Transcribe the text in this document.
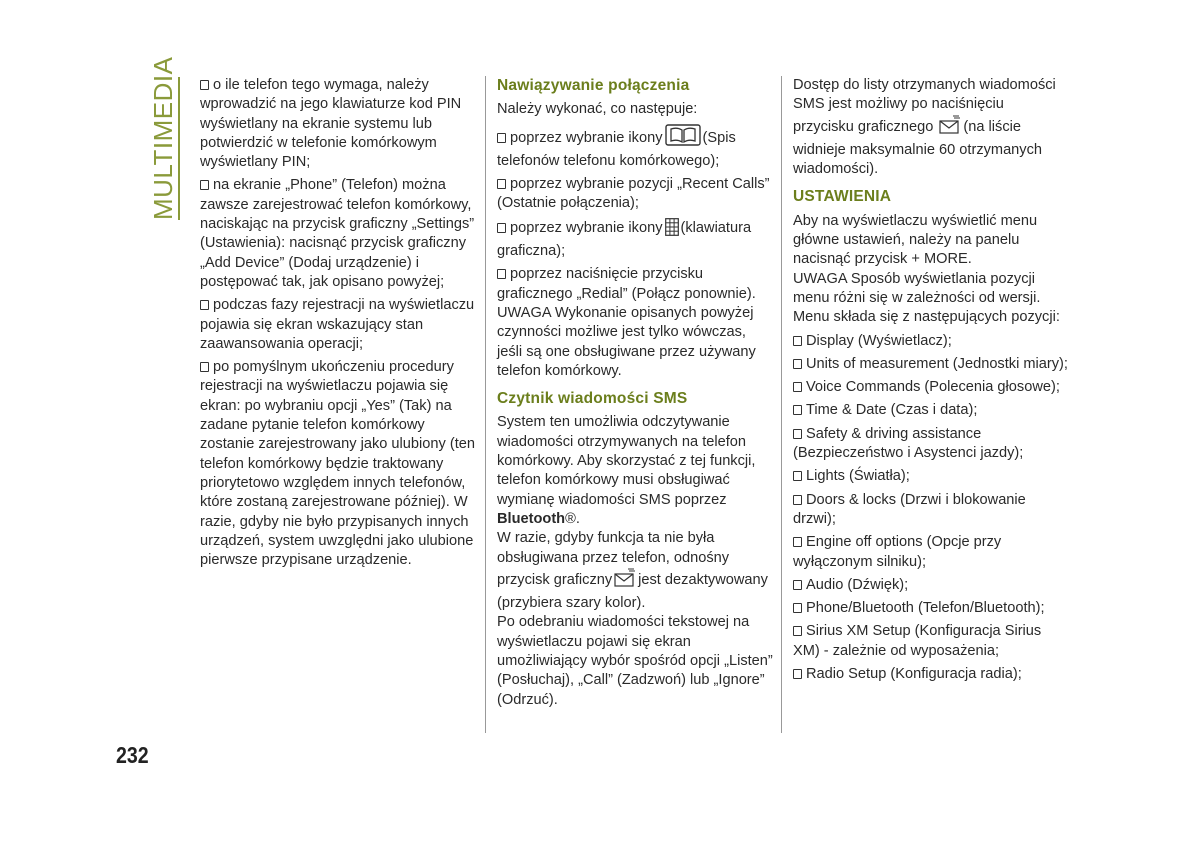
MULTIMEDIA	o ile telefon tego wymaga, należy wprowadzić na jego klawiaturze kod PIN wyświetlany na ekranie systemu lub potwierdzić w telefonie komórkowym wyświetlany PIN;

na ekranie „Phone” (Telefon) można zawsze zarejestrować telefon komórkowy, naciskając na przycisk graficzny „Settings” (Ustawienia): nacisnąć przycisk graficzny „Add Device” (Dodaj urządzenie) i postępować tak, jak opisano powyżej;

podczas fazy rejestracji na wyświetlaczu pojawia się ekran wskazujący stan zaawansowania operacji;

po pomyślnym ukończeniu procedury rejestracji na wyświetlaczu pojawia się ekran: po wybraniu opcji „Yes” (Tak) na zadane pytanie telefon komórkowy zostanie zarejestrowany jako ulubiony (ten telefon komórkowy będzie traktowany priorytetowo względem innych telefonów, które zostaną zarejestrowane później). W razie, gdyby nie było przypisanych innych urządzeń, system uwzględni jako ulubione pierwsze przypisane urządzenie.

Nawiązywanie połączenia

Należy wykonać, co następuje:

poprzez wybranie ikony	(Spis telefonów telefonu komórkowego);

poprzez wybranie pozycji „Recent Calls” (Ostatnie połączenia);

poprzez wybranie ikony (klawiatura graficzna);

poprzez naciśnięcie przycisku graficznego „Redial” (Połącz ponownie).

UWAGA Wykonanie opisanych powyżej czynności możliwe jest tylko wówczas, jeśli są one obsługiwane przez używany telefon komórkowy.

Czytnik wiadomości SMS

System ten umożliwia odczytywanie wiadomości otrzymywanych na telefon komórkowy. Aby skorzystać z tej funkcji, telefon komórkowy musi obsługiwać wymianę wiadomości SMS poprzez Bluetooth®.

W razie, gdyby funkcja ta nie była obsługiwana przez telefon, odnośny przycisk graficzny jest dezaktywowany (przybiera szary kolor).

Po odebraniu wiadomości tekstowej na wyświetlaczu pojawi się ekran umożliwiający wybór spośród opcji „Listen” (Posłuchaj), „Call” (Zadzwoń) lub „Ignore” (Odrzuć).

Dostęp do listy otrzymanych wiadomości SMS jest możliwy po naciśnięciu przycisku graficznego (na liście widnieje maksymalnie 60 otrzymanych wiadomości).

USTAWIENIA

Aby na wyświetlaczu wyświetlić menu główne ustawień, należy na panelu nacisnąć przycisk + MORE.

UWAGA Sposób wyświetlania pozycji menu różni się w zależności od wersji.

Menu składa się z następujących pozycji:

Display (Wyświetlacz);

Units of measurement (Jednostki miary);

Voice Commands (Polecenia głosowe);

Time & Date (Czas i data);

Safety & driving assistance (Bezpieczeństwo i Asystenci jazdy);

Lights (Światła);

Doors & locks (Drzwi i blokowanie drzwi);

Engine off options (Opcje przy wyłączonym silniku);

Audio (Dźwięk);

Phone/Bluetooth (Telefon/Bluetooth);

Sirius XM Setup (Konfiguracja Sirius XM) - zależnie od wyposażenia;

Radio Setup (Konfiguracja radia);

232
